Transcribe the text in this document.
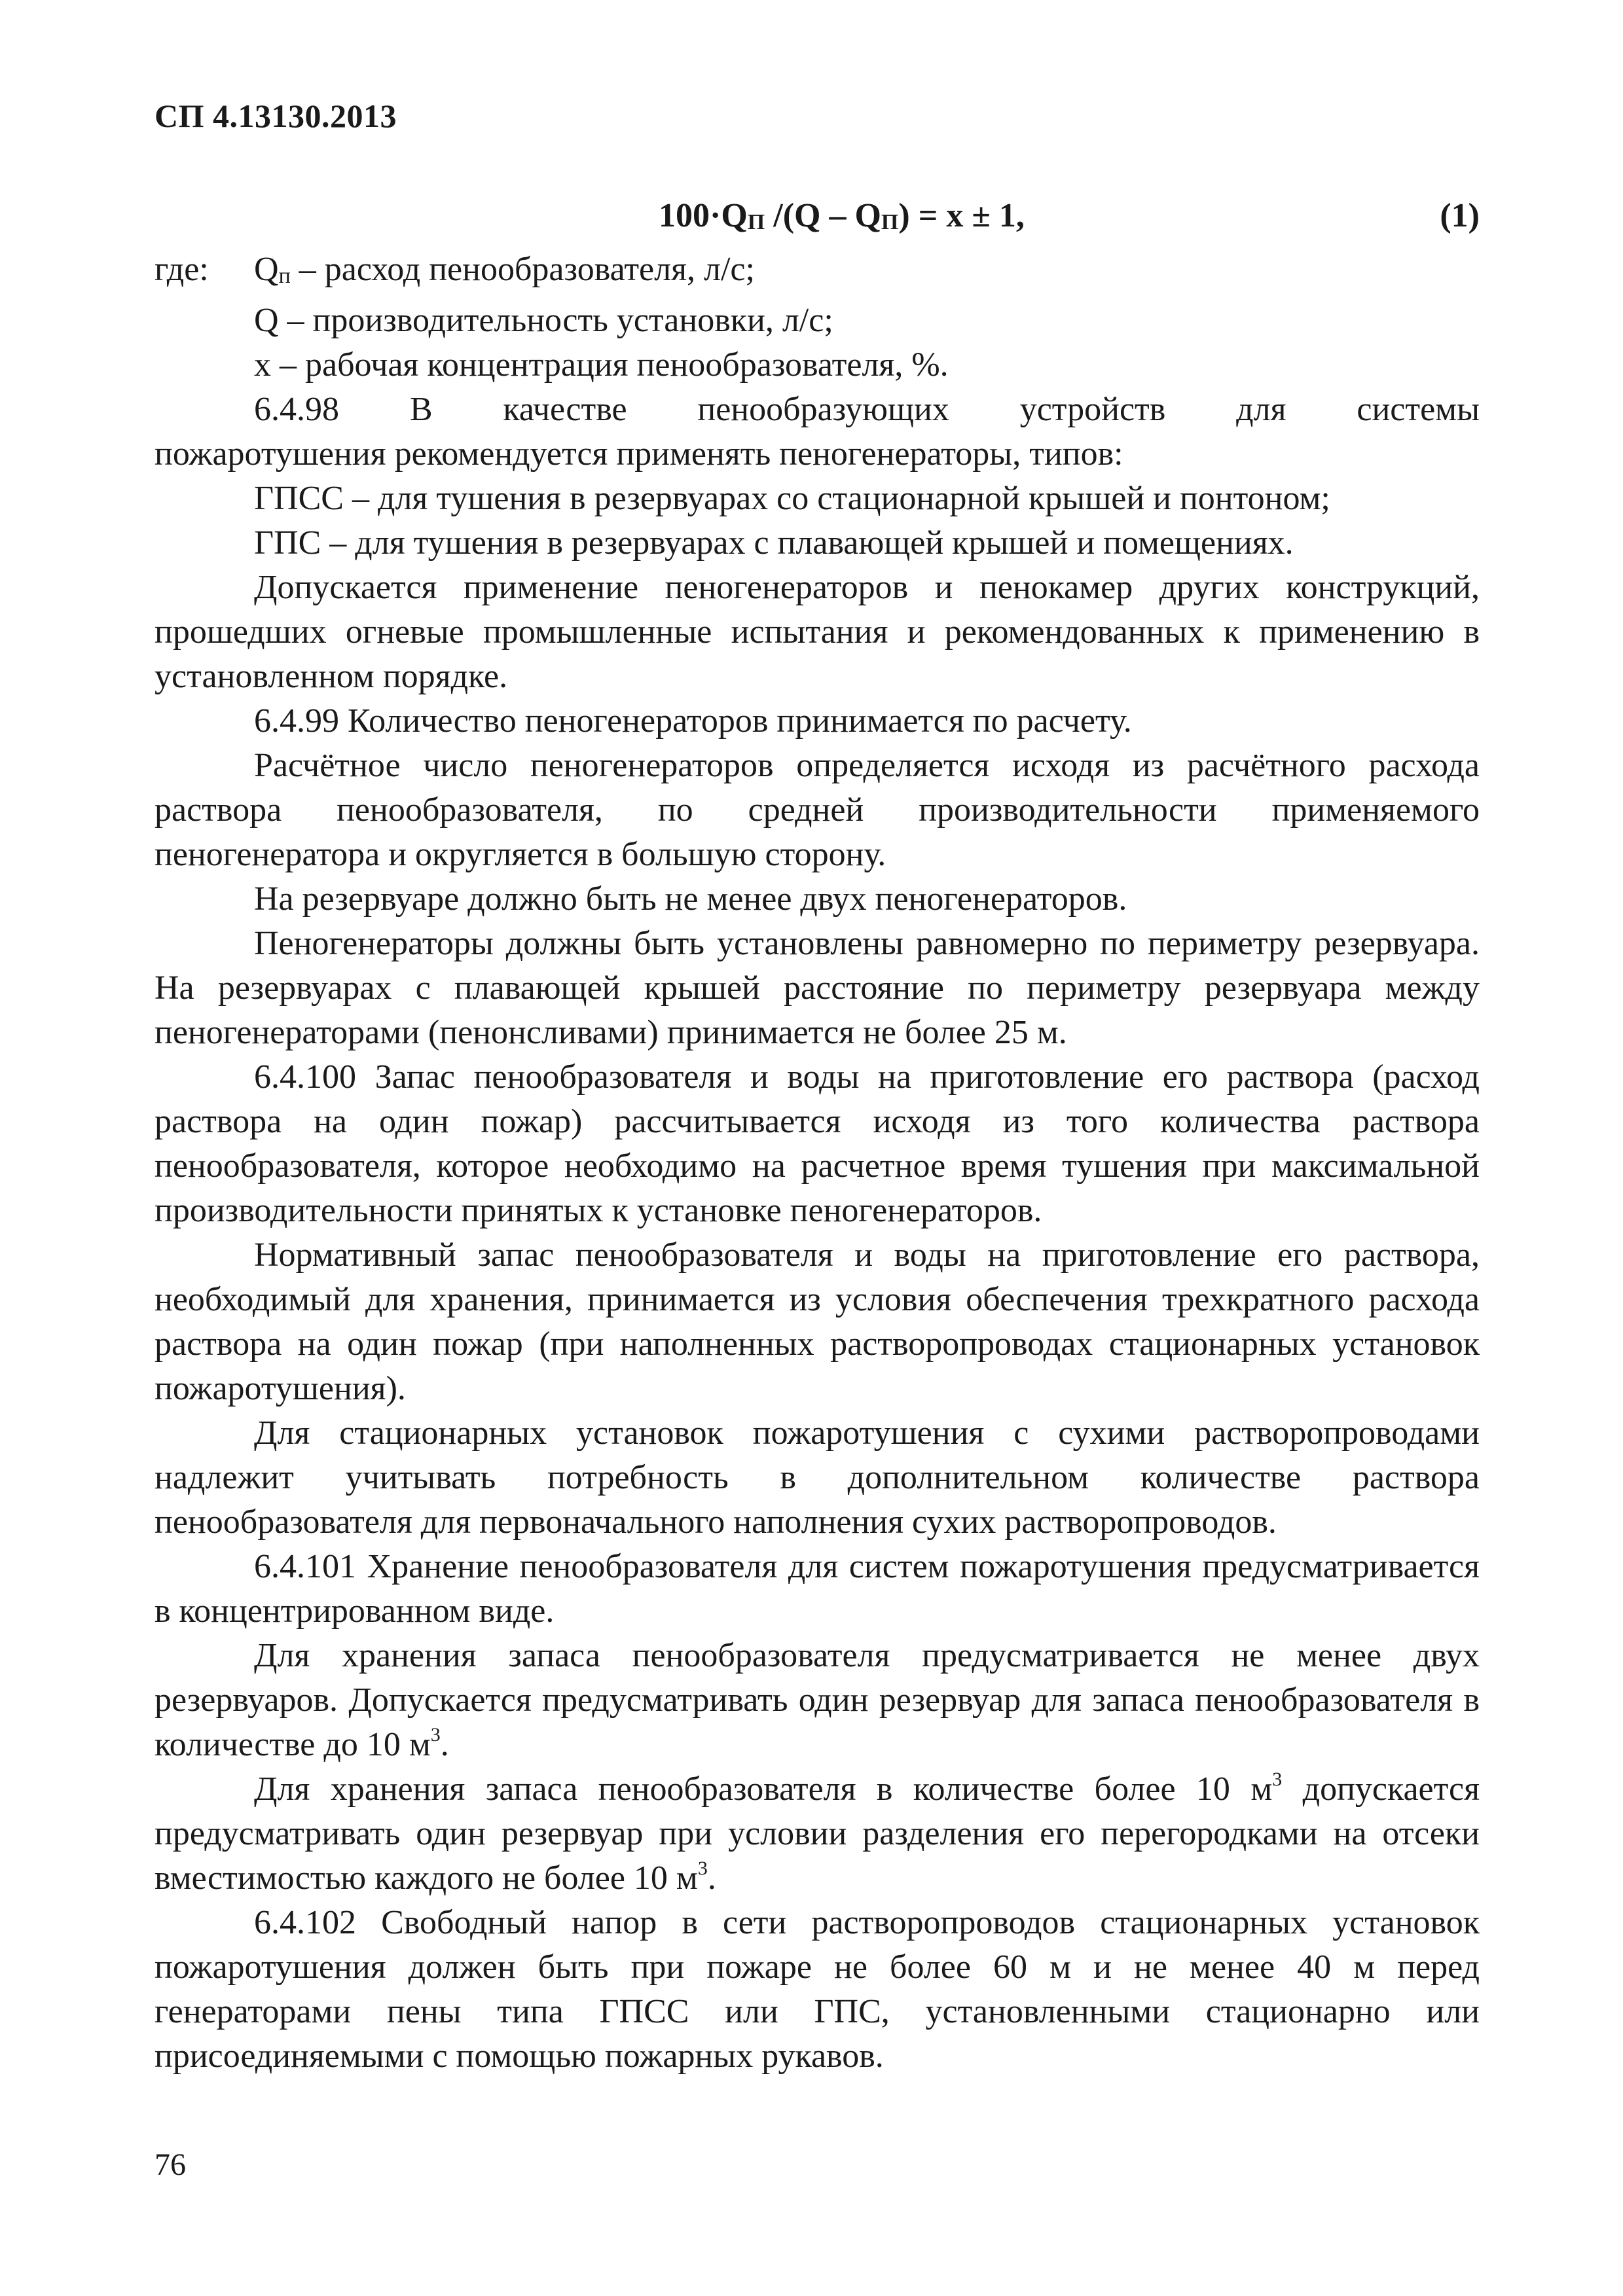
СП 4.13130.2013
100·QП /(Q – QП) = x ± 1,	(1)
где:	Qп – расход пенообразователя, л/с;

Q – производительность установки, л/с;

x – рабочая концентрация пенообразователя, %.

6.4.98 В качестве пенообразующих устройств для системы

пожаротушения рекомендуется применять пеногенераторы, типов:

ГПСС – для тушения в резервуарах со стационарной крышей и понтоном;

ГПС – для тушения в резервуарах с плавающей крышей и помещениях.

Допускается применение пеногенераторов и пенокамер других конструкций, прошедших огневые промышленные испытания и рекомендованных к применению в установленном порядке.

6.4.99 Количество пеногенераторов принимается по расчету.

Расчётное число пеногенераторов определяется исходя из расчётного расхода раствора пенообразователя, по средней производительности применяемого пеногенератора и округляется в большую сторону.

На резервуаре должно быть не менее двух пеногенераторов.

Пеногенераторы должны быть установлены равномерно по периметру резервуара. На резервуарах с плавающей крышей расстояние по периметру резервуара между пеногенераторами (пенонсливами) принимается не более 25 м.

6.4.100 Запас пенообразователя и воды на приготовление его раствора (расход раствора на один пожар) рассчитывается исходя из того количества раствора пенообразователя, которое необходимо на расчетное время тушения при максимальной производительности принятых к установке пеногенераторов.

Нормативный запас пенообразователя и воды на приготовление его раствора, необходимый для хранения, принимается из условия обеспечения трехкратного расхода раствора на один пожар (при наполненных растворопроводах стационарных установок пожаротушения).

Для стационарных установок пожаротушения с сухими растворопроводами надлежит учитывать потребность в дополнительном количестве раствора пенообразователя для первоначального наполнения сухих растворопроводов.

6.4.101 Хранение пенообразователя для систем пожаротушения предусматривается в концентрированном виде.

Для хранения запаса пенообразователя предусматривается не менее двух резервуаров. Допускается предусматривать один резервуар для запаса пенообразователя в количестве до 10 $м^3$.

Для хранения запаса пенообразователя в количестве более 10 $м^3$ допускается предусматривать один резервуар при условии разделения его перегородками на отсеки вместимостью каждого не более 10 $м^3$.

6.4.102 Свободный напор в сети растворопроводов стационарных установок пожаротушения должен быть при пожаре не более 60 м и не менее 40 м перед генераторами пены типа ГПСС или ГПС, установленными стационарно или присоединяемыми с помощью пожарных рукавов.

76
